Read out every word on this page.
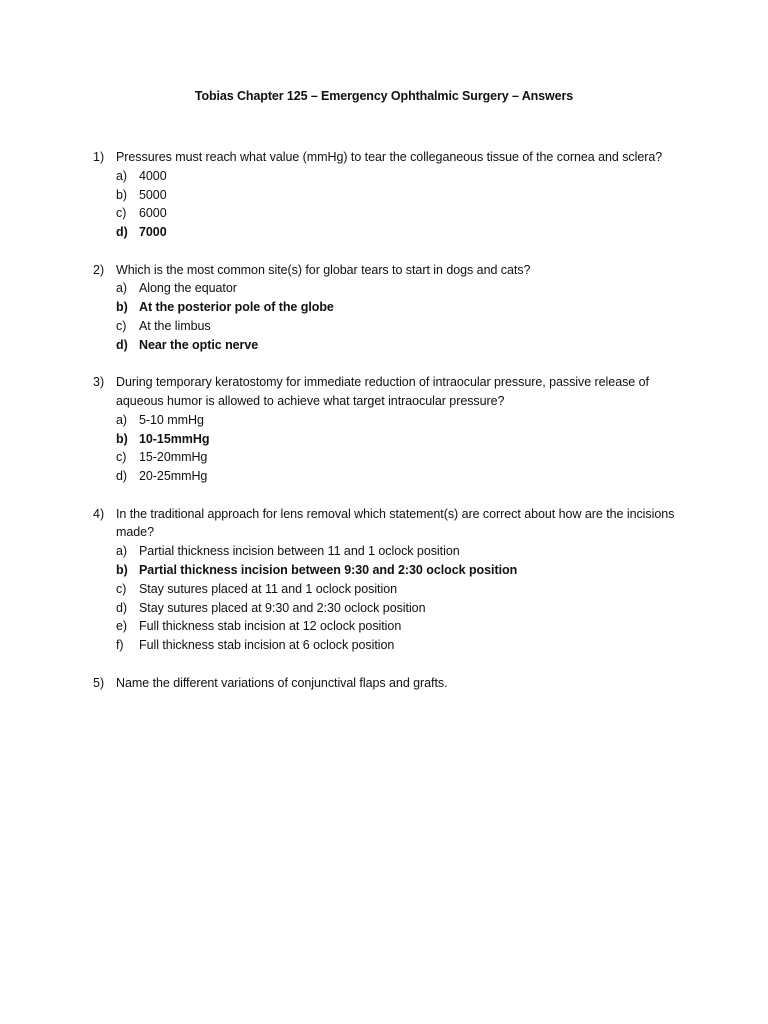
Tobias Chapter 125 – Emergency Ophthalmic Surgery – Answers
1) Pressures must reach what value (mmHg) to tear the colleganeous tissue of the cornea and sclera?
a) 4000
b) 5000
c) 6000
d) 7000
2) Which is the most common site(s) for globar tears to start in dogs and cats?
a) Along the equator
b) At the posterior pole of the globe
c) At the limbus
d) Near the optic nerve
3) During temporary keratostomy for immediate reduction of intraocular pressure, passive release of aqueous humor is allowed to achieve what target intraocular pressure?
a) 5-10 mmHg
b) 10-15mmHg
c) 15-20mmHg
d) 20-25mmHg
4) In the traditional approach for lens removal which statement(s) are correct about how are the incisions made?
a) Partial thickness incision between 11 and 1 oclock position
b) Partial thickness incision between 9:30 and 2:30 oclock position
c) Stay sutures placed at 11 and 1 oclock position
d) Stay sutures placed at 9:30 and 2:30 oclock position
e) Full thickness stab incision at 12 oclock position
f) Full thickness stab incision at 6 oclock position
5) Name the different variations of conjunctival flaps and grafts.
